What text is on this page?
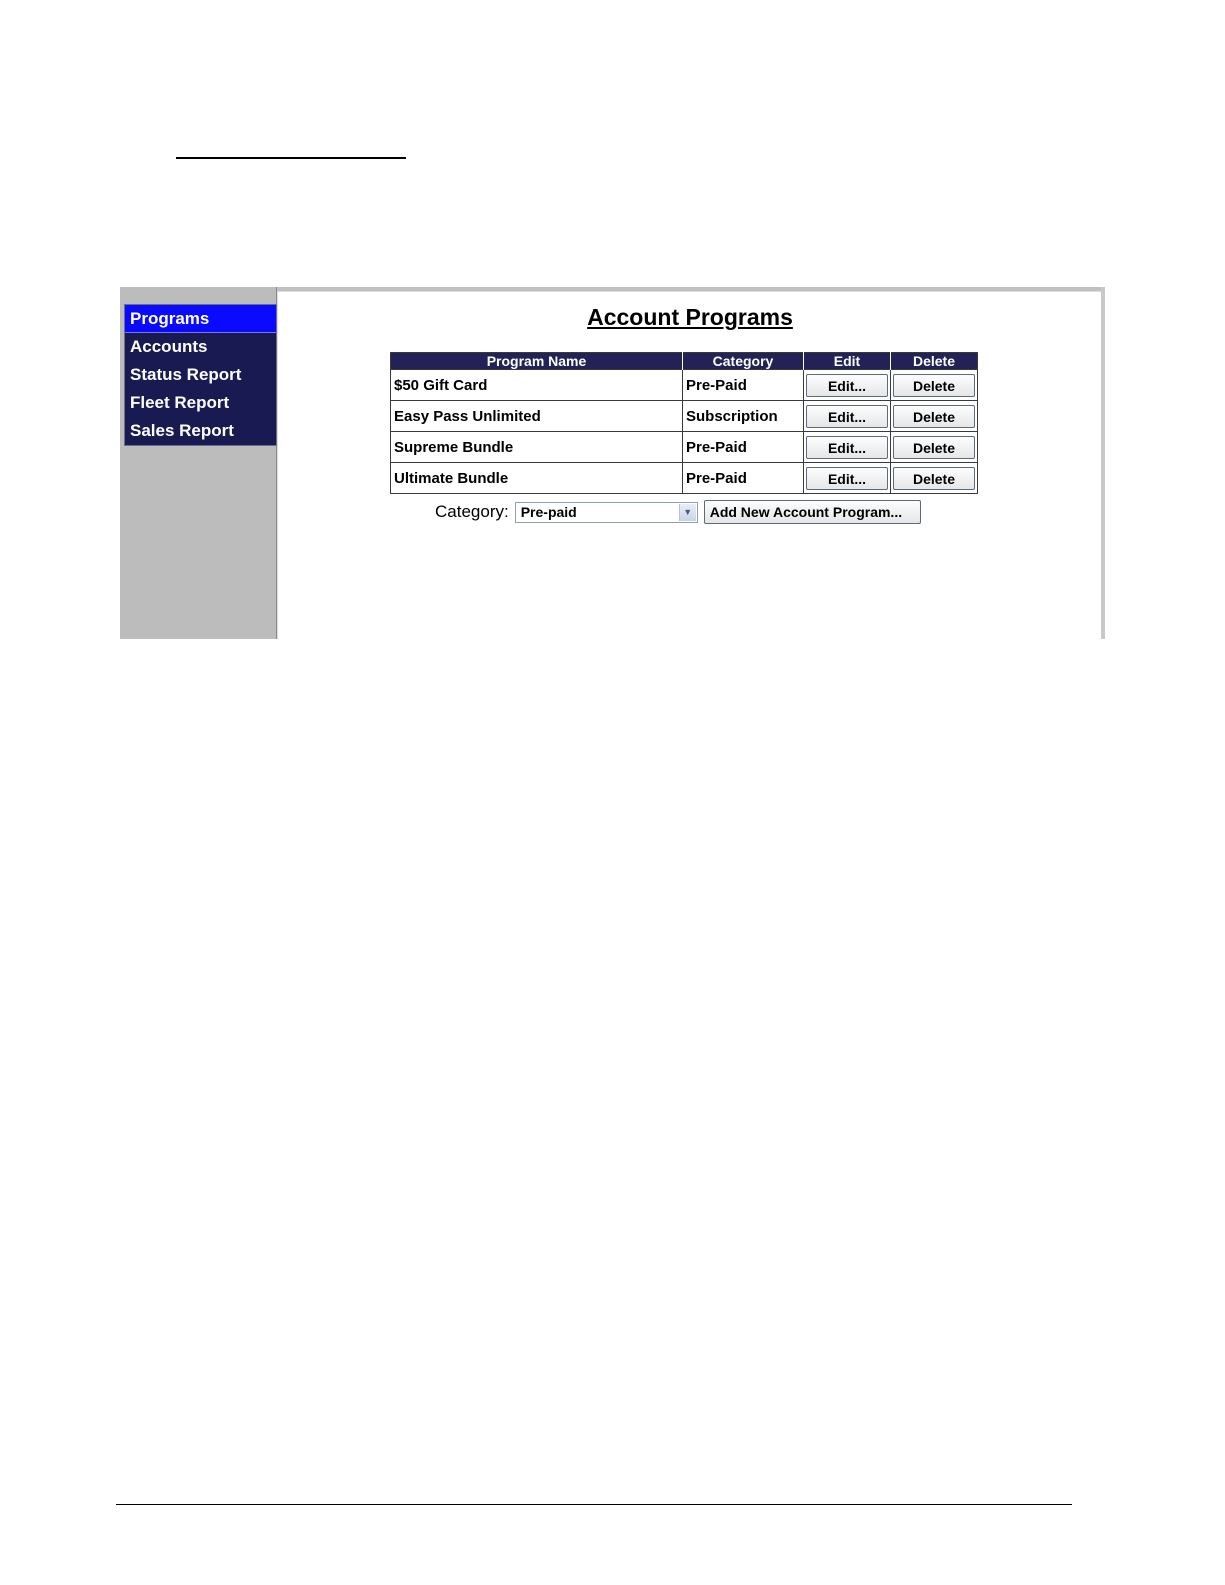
Programs
Accounts
Status Report
Fleet Report
Sales Report
Account Programs
Program Name	Category	Edit	Delete
$50 Gift Card	Pre-Paid	Edit...	Delete
Easy Pass Unlimited	Subscription	Edit...	Delete
Supreme Bundle	Pre-Paid	Edit...	Delete
Ultimate Bundle	Pre-Paid	Edit...	Delete
Category: Pre-paid	▼	Add New Account Program...
